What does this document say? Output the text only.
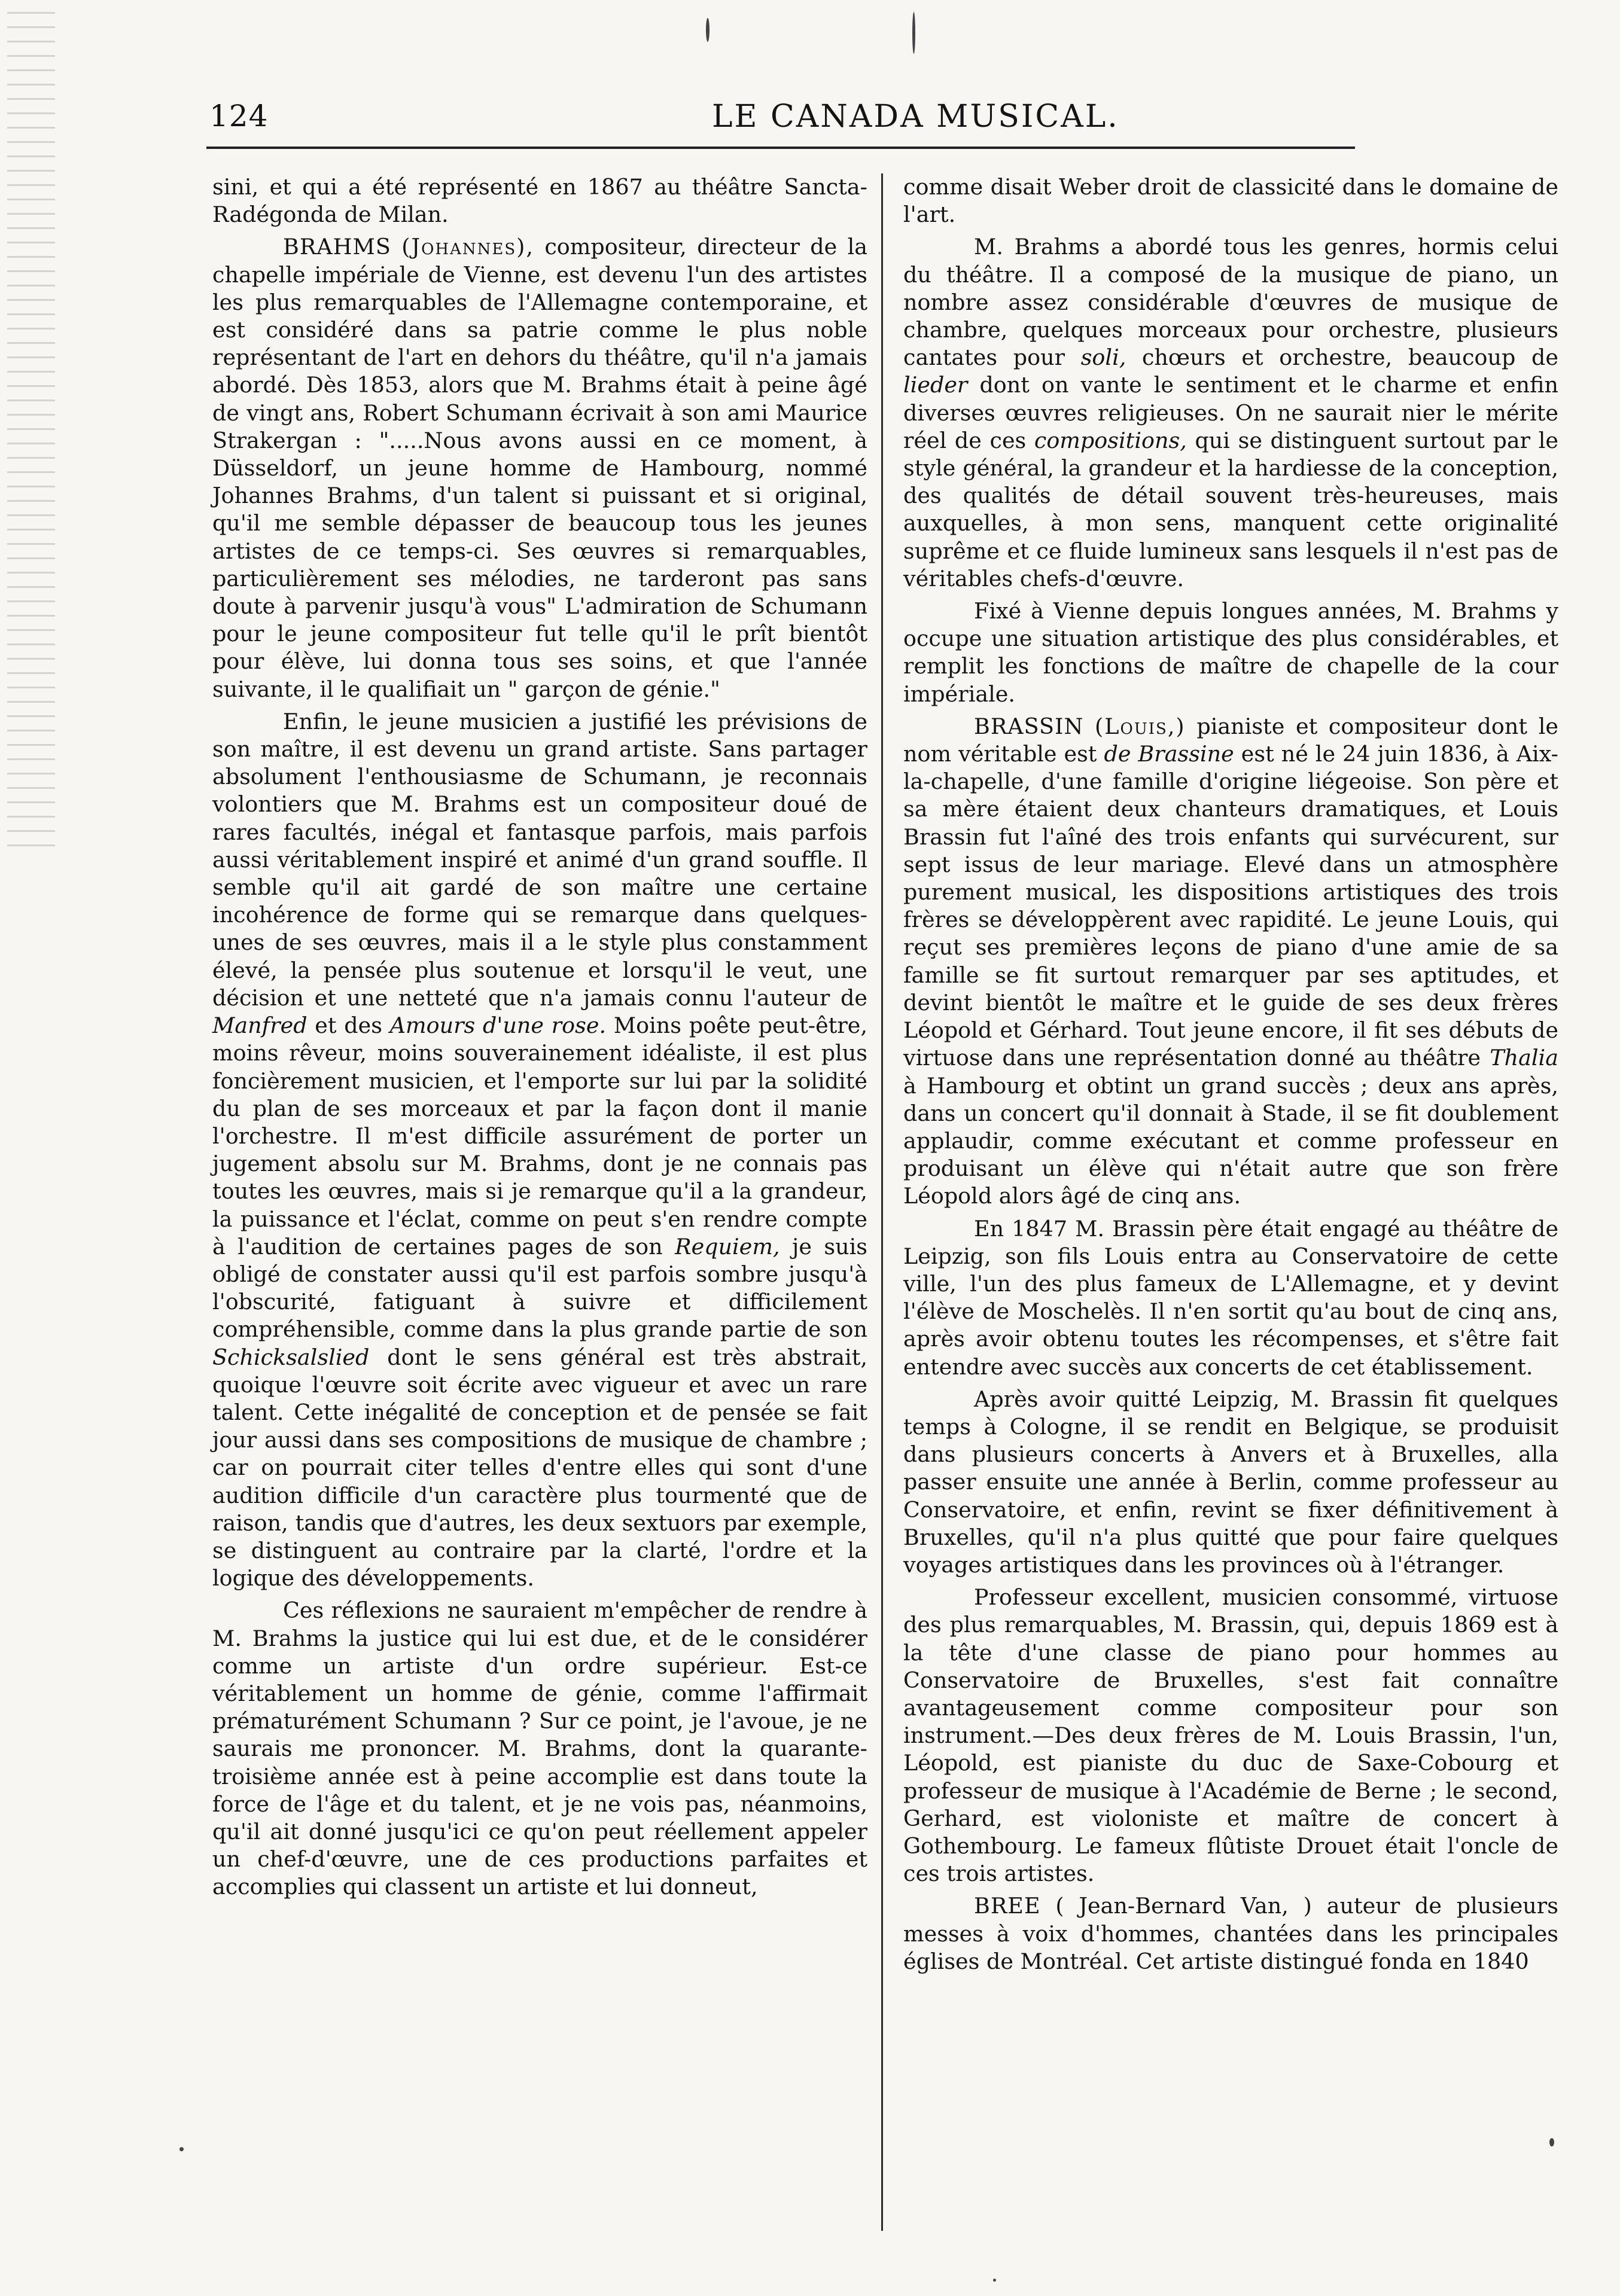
124	LE CANADA MUSICAL.

sini, et qui a été représenté en 1867 au théâtre Sancta-Radégonda de Milan.

BRAHMS (Johannes), compositeur, directeur de la chapelle impériale de Vienne, est devenu l'un des artistes les plus remarquables de l'Allemagne contemporaine, et est considéré dans sa patrie comme le plus noble représentant de l'art en dehors du théâtre, qu'il n'a jamais abordé. Dès 1853, alors que M. Brahms était à peine âgé de vingt ans, Robert Schumann écrivait à son ami Maurice Strakergan : ".....Nous avons aussi en ce moment, à Düsseldorf, un jeune homme de Hambourg, nommé Johannes Brahms, d'un talent si puissant et si original, qu'il me semble dépasser de beaucoup tous les jeunes artistes de ce temps-ci. Ses œuvres si remarquables, particulièrement ses mélodies, ne tarderont pas sans doute à parvenir jusqu'à vous" L'admiration de Schumann pour le jeune compositeur fut telle qu'il le prît bientôt pour élève, lui donna tous ses soins, et que l'année suivante, il le qualifiait un " garçon de génie."

Enfin, le jeune musicien a justifié les prévisions de son maître, il est devenu un grand artiste. Sans partager absolument l'enthousiasme de Schumann, je reconnais volontiers que M. Brahms est un compositeur doué de rares facultés, inégal et fantasque parfois, mais parfois aussi véritablement inspiré et animé d'un grand souffle. Il semble qu'il ait gardé de son maître une certaine incohérence de forme qui se remarque dans quelques-unes de ses œuvres, mais il a le style plus constamment élevé, la pensée plus soutenue et lorsqu'il le veut, une décision et une netteté que n'a jamais connu l'auteur de Manfred et des Amours d'une rose. Moins poête peut-être, moins rêveur, moins souverainement idéaliste, il est plus foncièrement musicien, et l'emporte sur lui par la solidité du plan de ses morceaux et par la façon dont il manie l'orchestre. Il m'est difficile assurément de porter un jugement absolu sur M. Brahms, dont je ne connais pas toutes les œuvres, mais si je remarque qu'il a la grandeur, la puissance et l'éclat, comme on peut s'en rendre compte à l'audition de certaines pages de son Requiem, je suis obligé de constater aussi qu'il est parfois sombre jusqu'à l'obscurité, fatiguant à suivre et difficilement compréhensible, comme dans la plus grande partie de son Schicksalslied dont le sens général est très abstrait, quoique l'œuvre soit écrite avec vigueur et avec un rare talent. Cette inégalité de conception et de pensée se fait jour aussi dans ses compositions de musique de chambre ; car on pourrait citer telles d'entre elles qui sont d'une audition difficile d'un caractère plus tourmenté que de raison, tandis que d'autres, les deux sextuors par exemple, se distinguent au contraire par la clarté, l'ordre et la logique des développements.

Ces réflexions ne sauraient m'empêcher de rendre à M. Brahms la justice qui lui est due, et de le considérer comme un artiste d'un ordre supérieur. Est-ce véritablement un homme de génie, comme l'affirmait prématurément Schumann ? Sur ce point, je l'avoue, je ne saurais me prononcer. M. Brahms, dont la quarante-troisième année est à peine accomplie est dans toute la force de l'âge et du talent, et je ne vois pas, néanmoins, qu'il ait donné jusqu'ici ce qu'on peut réellement appeler un chef-d'œuvre, une de ces productions parfaites et accomplies qui classent un artiste et lui donneut,

comme disait Weber droit de classicité dans le domaine de l'art.

M. Brahms a abordé tous les genres, hormis celui du théâtre. Il a composé de la musique de piano, un nombre assez considérable d'œuvres de musique de chambre, quelques morceaux pour orchestre, plusieurs cantates pour soli, chœurs et orchestre, beaucoup de lieder dont on vante le sentiment et le charme et enfin diverses œuvres religieuses. On ne saurait nier le mérite réel de ces compositions, qui se distinguent surtout par le style général, la grandeur et la hardiesse de la conception, des qualités de détail souvent très-heureuses, mais auxquelles, à mon sens, manquent cette originalité suprême et ce fluide lumineux sans lesquels il n'est pas de véritables chefs-d'œuvre.

Fixé à Vienne depuis longues années, M. Brahms y occupe une situation artistique des plus considérables, et remplit les fonctions de maître de chapelle de la cour impériale.

BRASSIN (Louis,) pianiste et compositeur dont le nom véritable est de Brassine est né le 24 juin 1836, à Aix-la-chapelle, d'une famille d'origine liégeoise. Son père et sa mère étaient deux chanteurs dramatiques, et Louis Brassin fut l'aîné des trois enfants qui survécurent, sur sept issus de leur mariage. Elevé dans un atmosphère purement musical, les dispositions artistiques des trois frères se développèrent avec rapidité. Le jeune Louis, qui reçut ses premières leçons de piano d'une amie de sa famille se fit surtout remarquer par ses aptitudes, et devint bientôt le maître et le guide de ses deux frères Léopold et Gérhard. Tout jeune encore, il fit ses débuts de virtuose dans une représentation donné au théâtre Thalia à Hambourg et obtint un grand succès ; deux ans après, dans un concert qu'il donnait à Stade, il se fit doublement applaudir, comme exécutant et comme professeur en produisant un élève qui n'était autre que son frère Léopold alors âgé de cinq ans.

En 1847 M. Brassin père était engagé au théâtre de Leipzig, son fils Louis entra au Conservatoire de cette ville, l'un des plus fameux de L'Allemagne, et y devint l'élève de Moschelès. Il n'en sortit qu'au bout de cinq ans, après avoir obtenu toutes les récompenses, et s'être fait entendre avec succès aux concerts de cet établissement.

Après avoir quitté Leipzig, M. Brassin fit quelques temps à Cologne, il se rendit en Belgique, se produisit dans plusieurs concerts à Anvers et à Bruxelles, alla passer ensuite une année à Berlin, comme professeur au Conservatoire, et enfin, revint se fixer définitivement à Bruxelles, qu'il n'a plus quitté que pour faire quelques voyages artistiques dans les provinces où à l'étranger.

Professeur excellent, musicien consommé, virtuose des plus remarquables, M. Brassin, qui, depuis 1869 est à la tête d'une classe de piano pour hommes au Conservatoire de Bruxelles, s'est fait connaître avantageusement comme compositeur pour son instrument.—Des deux frères de M. Louis Brassin, l'un, Léopold, est pianiste du duc de Saxe-Cobourg et professeur de musique à l'Académie de Berne ; le second, Gerhard, est violoniste et maître de concert à Gothembourg. Le fameux flûtiste Drouet était l'oncle de ces trois artistes.

BREE ( Jean-Bernard Van, ) auteur de plusieurs messes à voix d'hommes, chantées dans les principales églises de Montréal. Cet artiste distingué fonda en 1840
